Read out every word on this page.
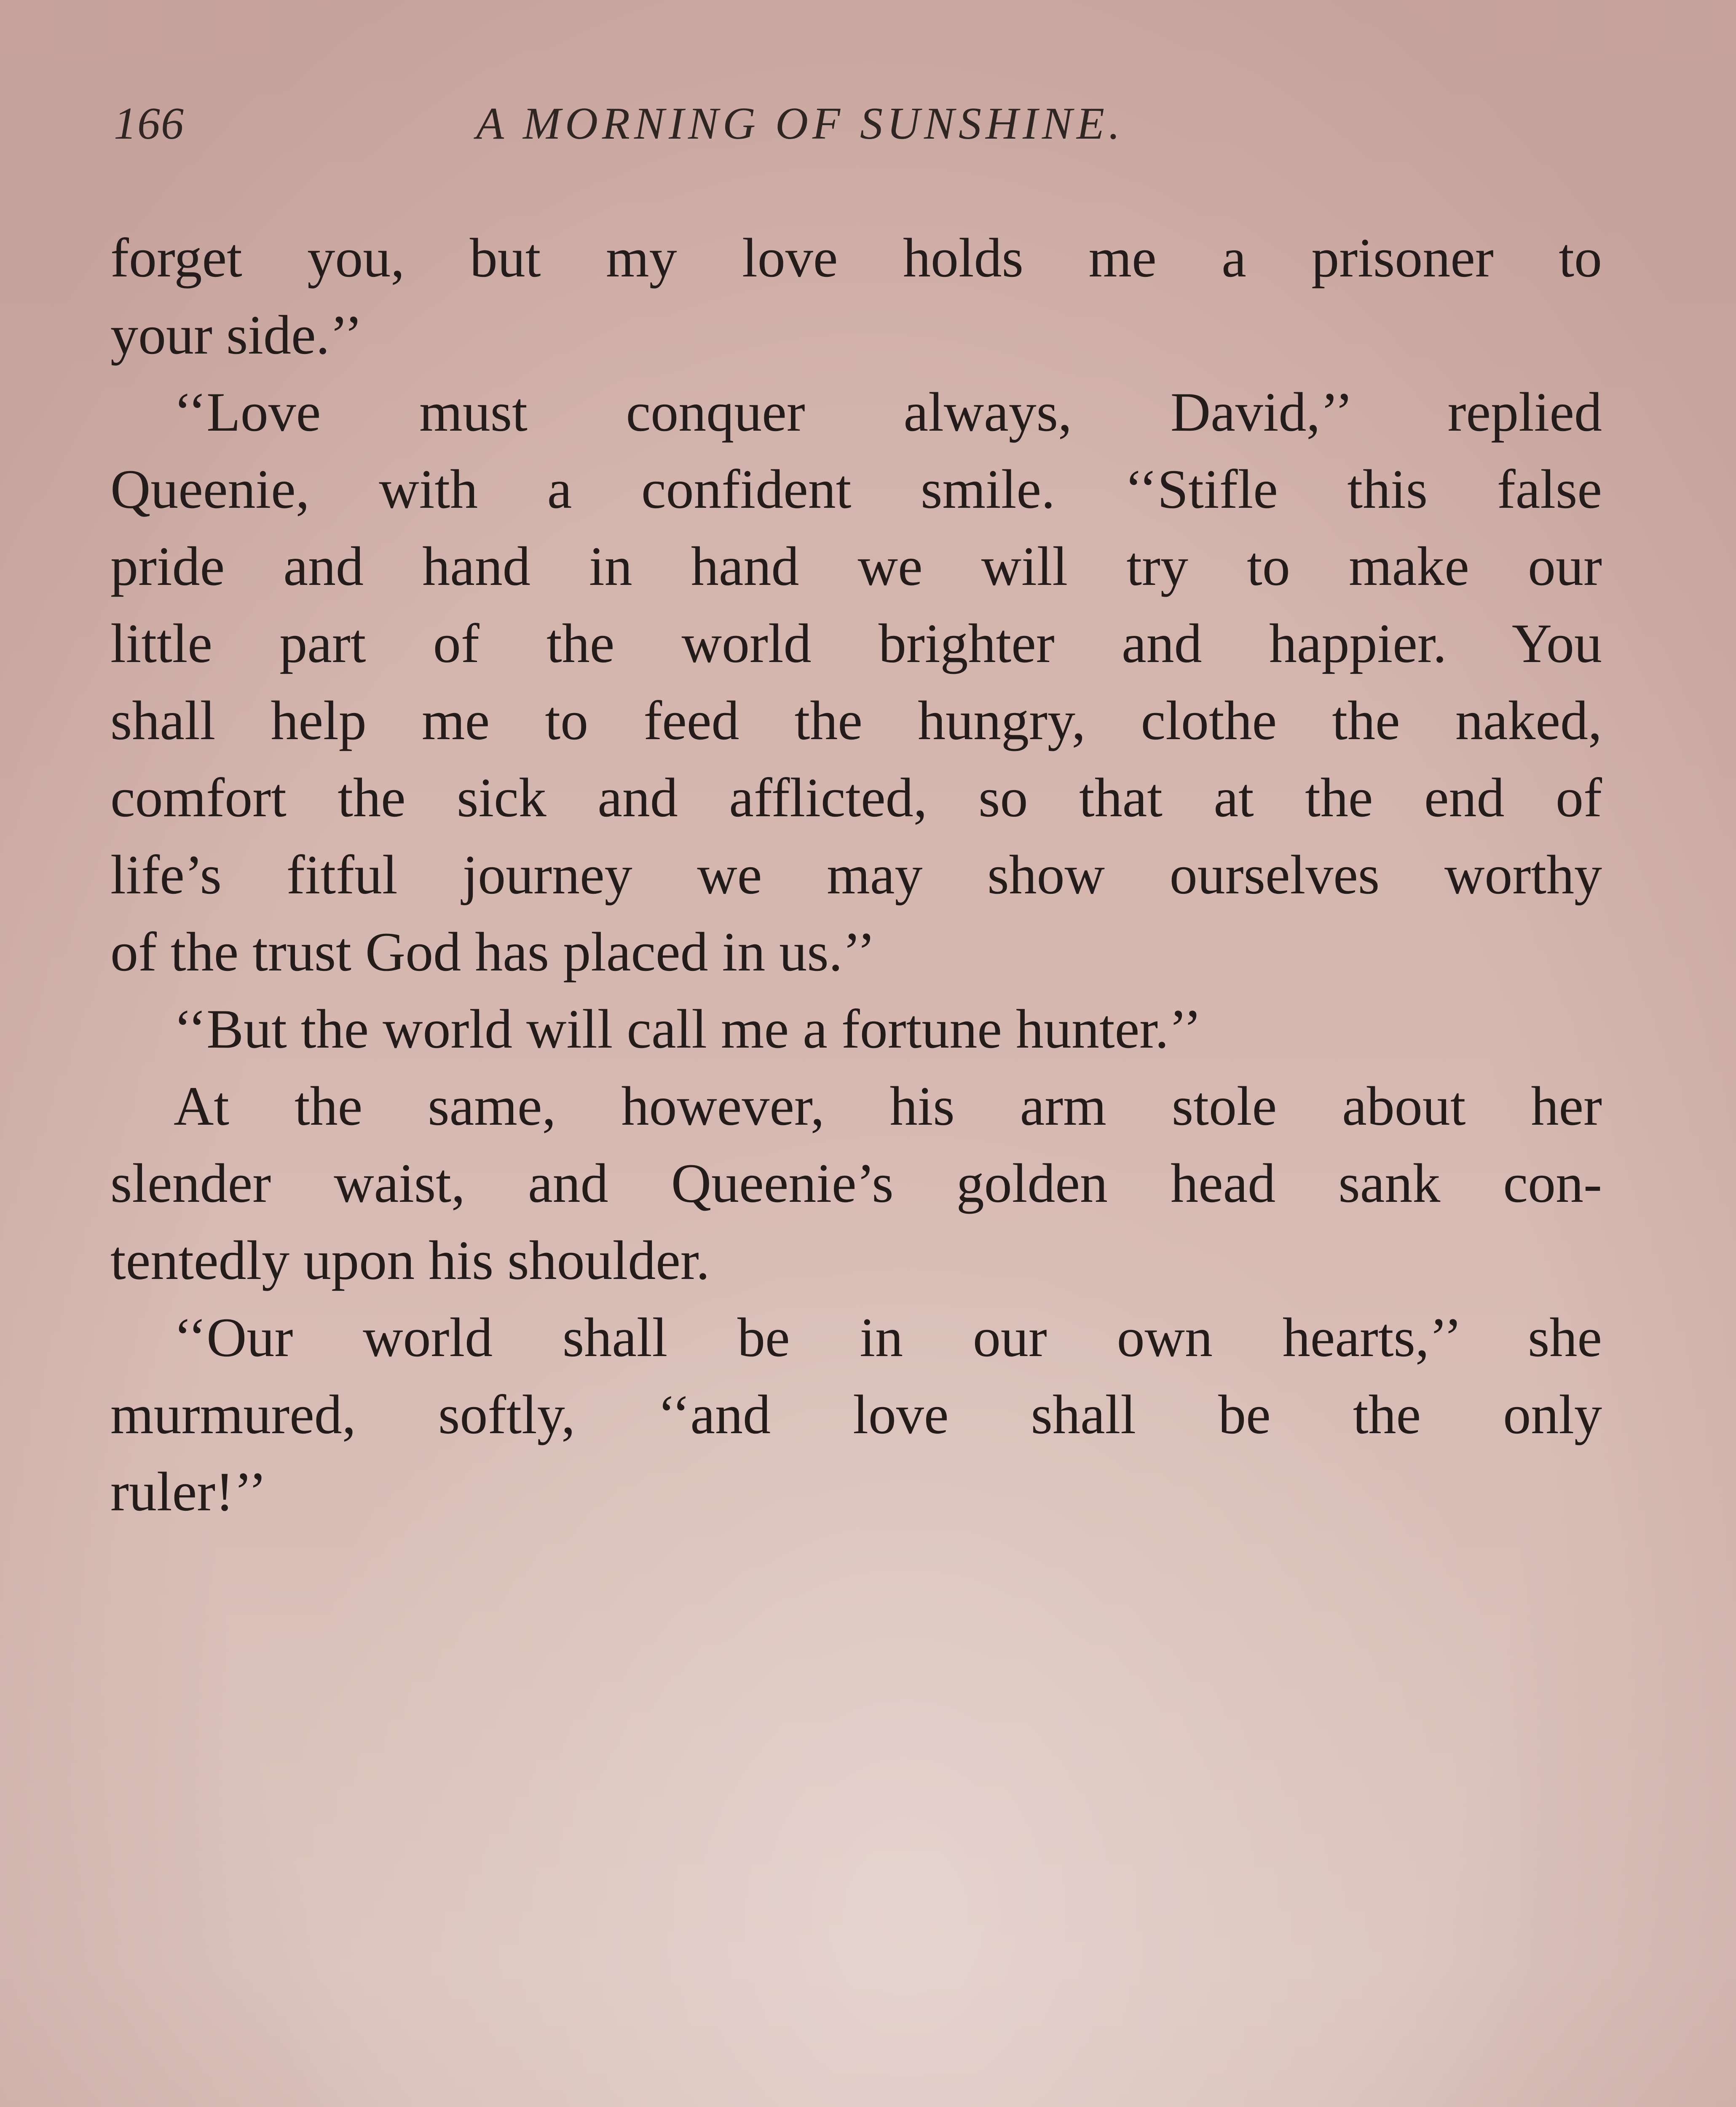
166	A MORNING OF SUNSHINE.
forget you, but my love holds me a prisoner to
your side.’’
‘‘Love must conquer always, David,’’ replied
Queenie, with a confident smile. ‘‘Stifle this false
pride and hand in hand we will try to make our
little part of the world brighter and happier. You
shall help me to feed the hungry, clothe the naked,
comfort the sick and afflicted, so that at the end of
life’s fitful journey we may show ourselves worthy
of the trust God has placed in us.’’
‘‘But the world will call me a fortune hunter.’’
At the same, however, his arm stole about her
slender waist, and Queenie’s golden head sank con-
tentedly upon his shoulder.
‘‘Our world shall be in our own hearts,’’ she
murmured, softly, ‘‘and love shall be the only
ruler!’’
